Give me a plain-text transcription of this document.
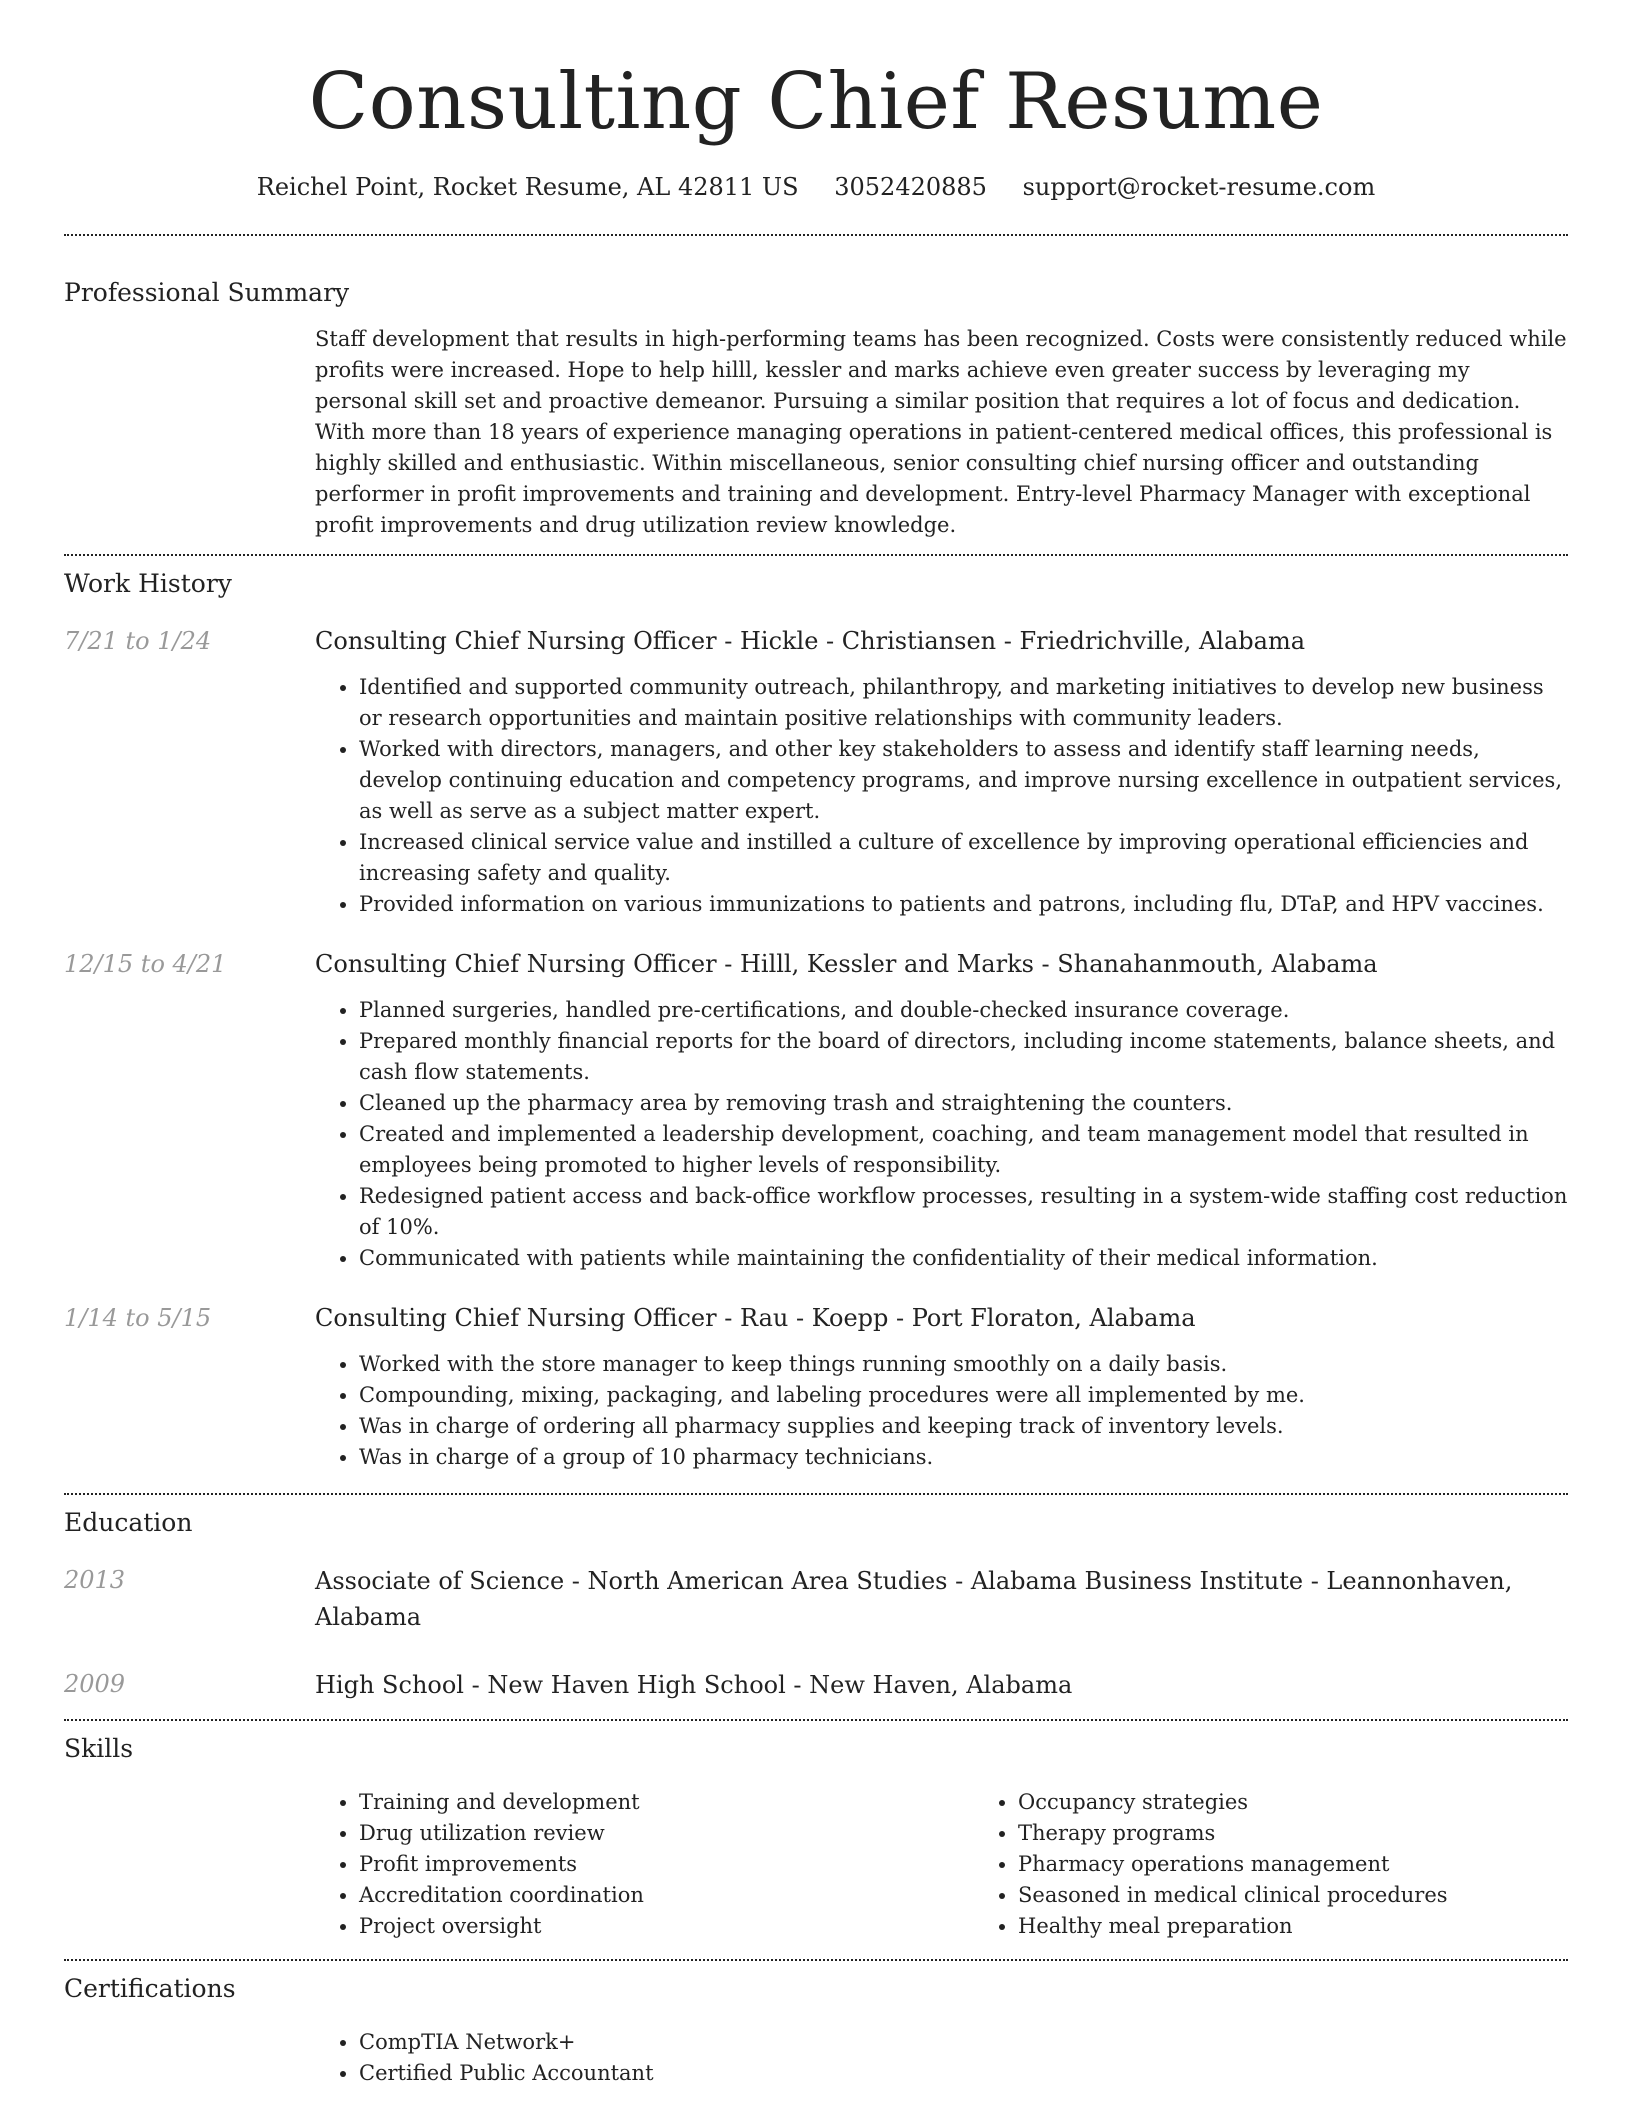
Consulting Chief Resume
Reichel Point, Rocket Resume, AL 42811 US 3052420885 support@rocket-resume.com
Professional Summary

Staff development that results in high-performing teams has been recognized. Costs were consistently reduced while profits were increased. Hope to help hilll, kessler and marks achieve even greater success by leveraging my personal skill set and proactive demeanor. Pursuing a similar position that requires a lot of focus and dedication. With more than 18 years of experience managing operations in patient-centered medical offices, this professional is highly skilled and enthusiastic. Within miscellaneous, senior consulting chief nursing officer and outstanding performer in profit improvements and training and development. Entry-level Pharmacy Manager with exceptional profit improvements and drug utilization review knowledge.

Work History
7/21 to 1/24	Consulting Chief Nursing Officer - Hickle - Christiansen - Friedrichville, Alabama
• Identified and supported community outreach, philanthropy, and marketing initiatives to develop new business or research opportunities and maintain positive relationships with community leaders.
• Worked with directors, managers, and other key stakeholders to assess and identify staff learning needs, develop continuing education and competency programs, and improve nursing excellence in outpatient services, as well as serve as a subject matter expert.
• Increased clinical service value and instilled a culture of excellence by improving operational efficiencies and increasing safety and quality.
• Provided information on various immunizations to patients and patrons, including flu, DTaP, and HPV vaccines.
12/15 to 4/21	Consulting Chief Nursing Officer - Hilll, Kessler and Marks - Shanahanmouth, Alabama
• Planned surgeries, handled pre-certifications, and double-checked insurance coverage.
• Prepared monthly financial reports for the board of directors, including income statements, balance sheets, and cash flow statements.
• Cleaned up the pharmacy area by removing trash and straightening the counters.
• Created and implemented a leadership development, coaching, and team management model that resulted in employees being promoted to higher levels of responsibility.
• Redesigned patient access and back-office workflow processes, resulting in a system-wide staffing cost reduction of 10%.
• Communicated with patients while maintaining the confidentiality of their medical information.
1/14 to 5/15	Consulting Chief Nursing Officer - Rau - Koepp - Port Floraton, Alabama
• Worked with the store manager to keep things running smoothly on a daily basis.
• Compounding, mixing, packaging, and labeling procedures were all implemented by me.
• Was in charge of ordering all pharmacy supplies and keeping track of inventory levels.
• Was in charge of a group of 10 pharmacy technicians.
Education
2013	Associate of Science - North American Area Studies - Alabama Business Institute - Leannonhaven, Alabama
2009	High School - New Haven High School - New Haven, Alabama
Skills
• Training and development
• Drug utilization review
• Profit improvements
• Accreditation coordination
• Project oversight
• Occupancy strategies
• Therapy programs
• Pharmacy operations management
• Seasoned in medical clinical procedures
• Healthy meal preparation
Certifications
• CompTIA Network+
• Certified Public Accountant
